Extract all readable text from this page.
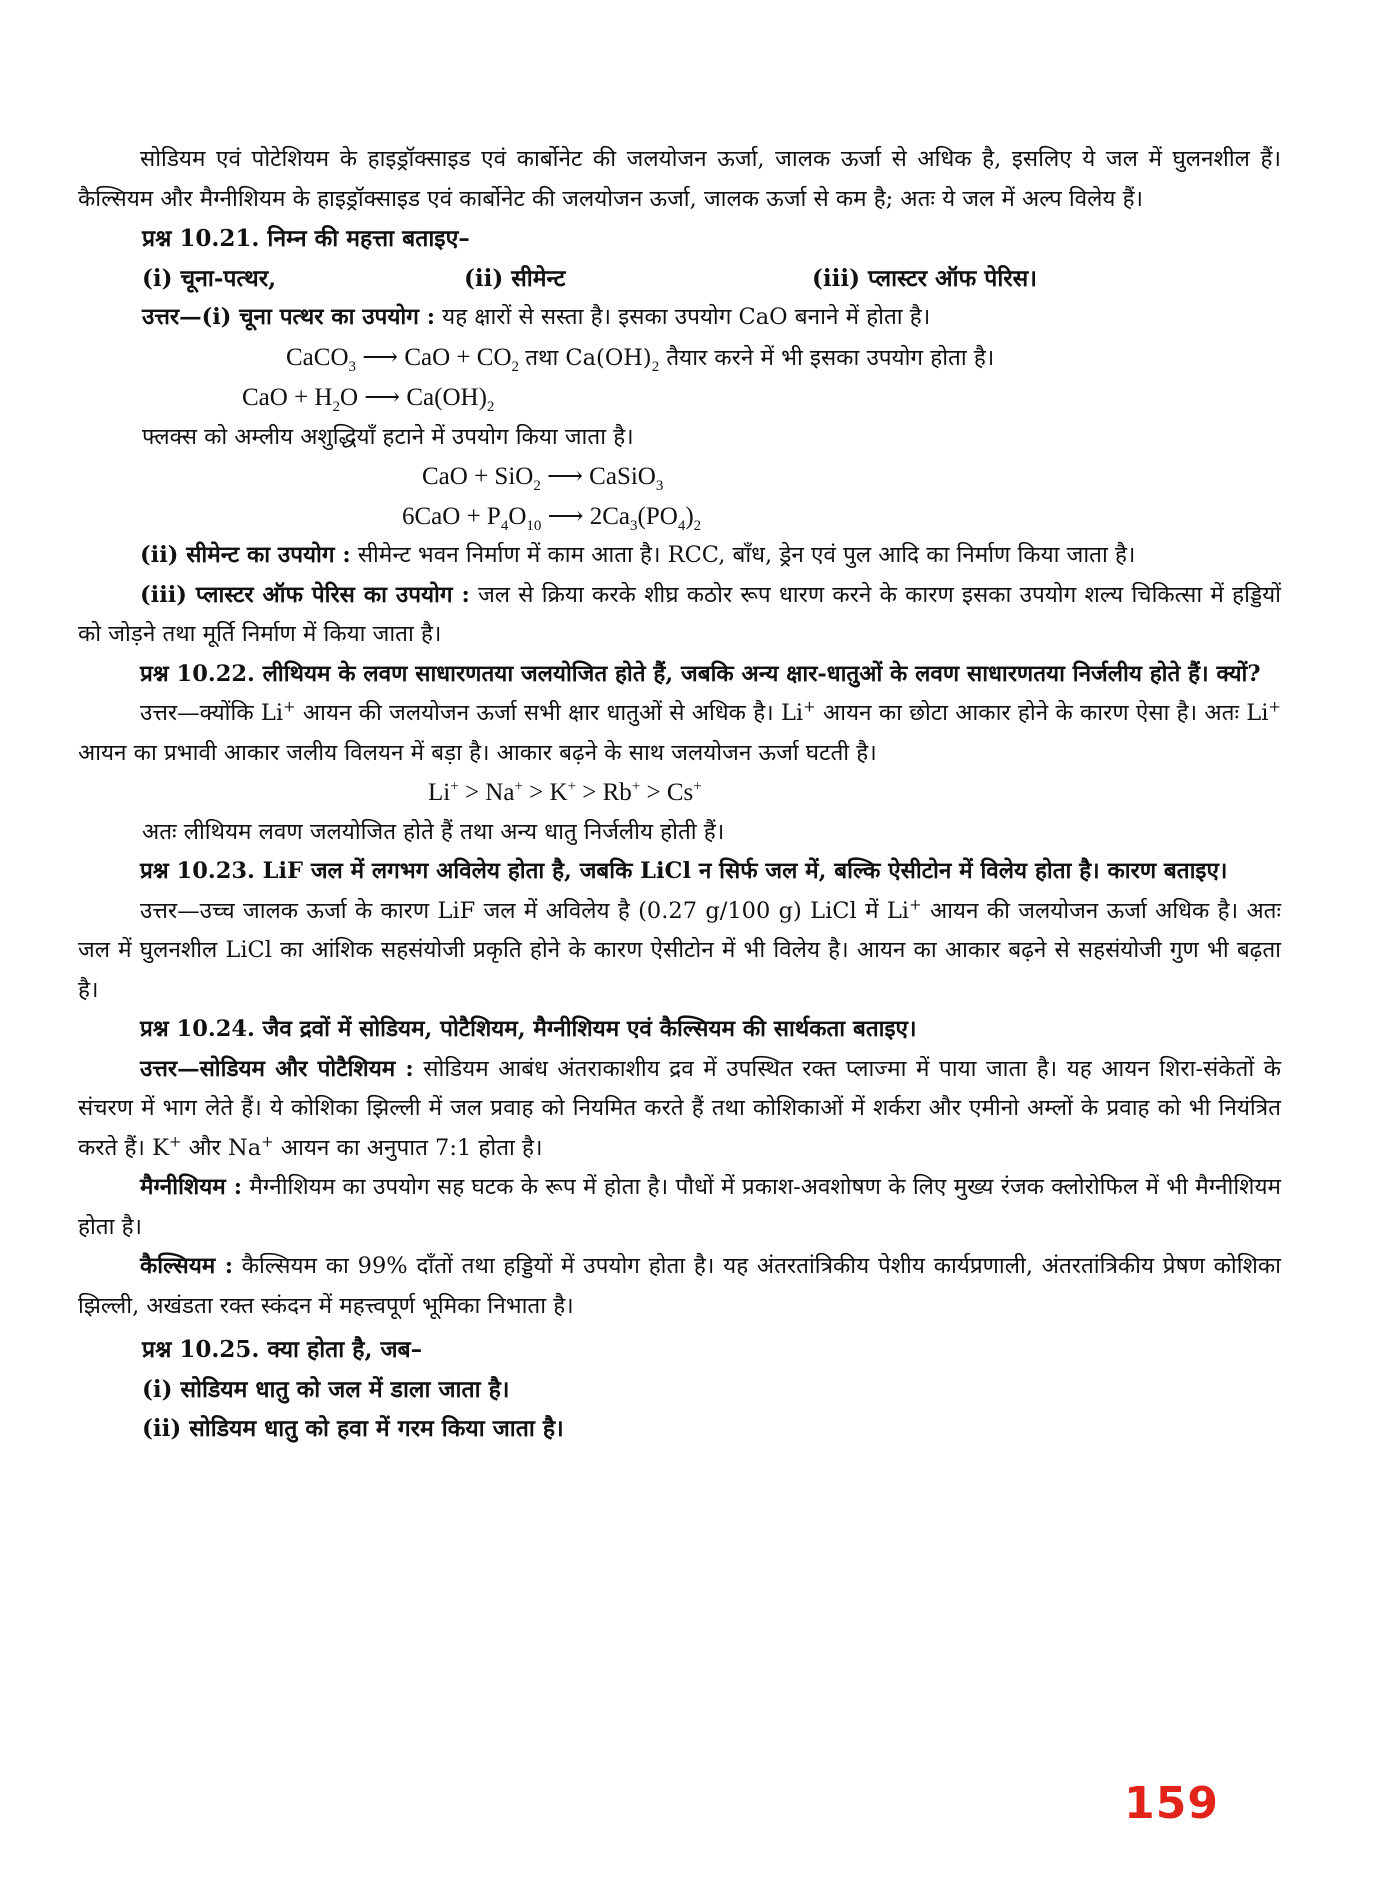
सोडियम एवं पोटेशियम के हाइड्रॉक्साइड एवं कार्बोनेट की जलयोजन ऊर्जा, जालक ऊर्जा से अधिक है, इसलिए ये जल में घुलनशील हैं। कैल्सियम और मैग्नीशियम के हाइड्रॉक्साइड एवं कार्बोनेट की जलयोजन ऊर्जा, जालक ऊर्जा से कम है; अतः ये जल में अल्प विलेय हैं।

प्रश्न 10.21. निम्न की महत्ता बताइए–

(i) चूना-पत्थर,	(ii) सीमेन्ट	(iii) प्लास्टर ऑफ पेरिस।

उत्तर—(i) चूना पत्थर का उपयोग : यह क्षारों से सस्ता है। इसका उपयोग CaO बनाने में होता है।

CaCO$_3$ ⟶ CaO + $CO_2$ तथा $Ca(OH)_2$ तैयार करने में भी इसका उपयोग होता है।

CaO + $H_2O$ ⟶ $Ca(OH)_2$

फ्लक्स को अम्लीय अशुद्धियाँ हटाने में उपयोग किया जाता है।

CaO + SiO$_2$ ⟶ CaSiO$_3$

$6CaO + P_4O_{10}$ ⟶ $2Ca_3(PO_4)_2$

(ii) सीमेन्ट का उपयोग : सीमेन्ट भवन निर्माण में काम आता है। RCC, बाँध, ड्रेन एवं पुल आदि का निर्माण किया जाता है।

(iii) प्लास्टर ऑफ पेरिस का उपयोग : जल से क्रिया करके शीघ्र कठोर रूप धारण करने के कारण इसका उपयोग शल्य चिकित्सा में हड्डियों को जोड़ने तथा मूर्ति निर्माण में किया जाता है।

प्रश्न 10.22. लीथियम के लवण साधारणतया जलयोजित होते हैं, जबकि अन्य क्षार-धातुओं के लवण साधारणतया निर्जलीय होते हैं। क्यों?

उत्तर—क्योंकि Li+ आयन की जलयोजन ऊर्जा सभी क्षार धातुओं से अधिक है। Li+ आयन का छोटा आकार होने के कारण ऐसा है। अतः Li+ आयन का प्रभावी आकार जलीय विलयन में बड़ा है। आकार बढ़ने के साथ जलयोजन ऊर्जा घटती है।

Li+ > Na+ > K+ > Rb+ > Cs+

अतः लीथियम लवण जलयोजित होते हैं तथा अन्य धातु निर्जलीय होती हैं।

प्रश्न 10.23. LiF जल में लगभग अविलेय होता है, जबकि LiCl न सिर्फ जल में, बल्कि ऐसीटोन में विलेय होता है। कारण बताइए।

उत्तर—उच्च जालक ऊर्जा के कारण LiF जल में अविलेय है (0.27 g/100 g) LiCl में Li+ आयन की जलयोजन ऊर्जा अधिक है। अतः जल में घुलनशील LiCl का आंशिक सहसंयोजी प्रकृति होने के कारण ऐसीटोन में भी विलेय है। आयन का आकार बढ़ने से सहसंयोजी गुण भी बढ़ता है।

प्रश्न 10.24. जैव द्रवों में सोडियम, पोटैशियम, मैग्नीशियम एवं कैल्सियम की सार्थकता बताइए।

उत्तर—सोडियम और पोटैशियम : सोडियम आबंध अंतराकाशीय द्रव में उपस्थित रक्त प्लाज्मा में पाया जाता है। यह आयन शिरा-संकेतों के संचरण में भाग लेते हैं। ये कोशिका झिल्ली में जल प्रवाह को नियमित करते हैं तथा कोशिकाओं में शर्करा और एमीनो अम्लों के प्रवाह को भी नियंत्रित करते हैं। K+ और Na+ आयन का अनुपात 7:1 होता है।

मैग्नीशियम : मैग्नीशियम का उपयोग सह घटक के रूप में होता है। पौधों में प्रकाश-अवशोषण के लिए मुख्य रंजक क्लोरोफिल में भी मैग्नीशियम होता है।

कैल्सियम : कैल्सियम का 99% दाँतों तथा हड्डियों में उपयोग होता है। यह अंतरतांत्रिकीय पेशीय कार्यप्रणाली, अंतरतांत्रिकीय प्रेषण कोशिका झिल्ली, अखंडता रक्त स्कंदन में महत्त्वपूर्ण भूमिका निभाता है।

प्रश्न 10.25. क्या होता है, जब–

(i) सोडियम धातु को जल में डाला जाता है।

(ii) सोडियम धातु को हवा में गरम किया जाता है।

159
